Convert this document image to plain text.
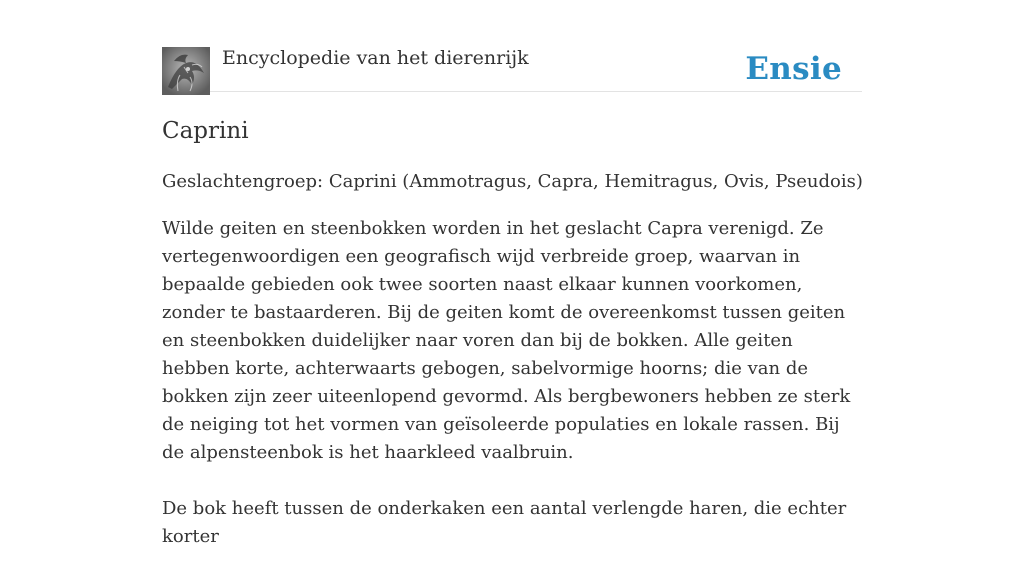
Encyclopedie van het dierenrijk	Ensie
Caprini

Geslachtengroep: Caprini (Ammotragus, Capra, Hemitragus, Ovis, Pseudois)

Wilde geiten en steenbokken worden in het geslacht Capra verenigd. Ze vertegenwoordigen een geografisch wijd verbreide groep, waarvan in bepaalde gebieden ook twee soorten naast elkaar kunnen voorkomen, zonder te bastaarderen. Bij de geiten komt de overeenkomst tussen geiten en steenbokken duidelijker naar voren dan bij de bokken. Alle geiten hebben korte, achterwaarts gebogen, sabelvormige hoorns; die van de bokken zijn zeer uiteenlopend gevormd. Als bergbewoners hebben ze sterk de neiging tot het vormen van geïsoleerde populaties en lokale rassen. Bij de alpensteenbok is het haarkleed vaalbruin.

De bok heeft tussen de onderkaken een aantal verlengde haren, die echter korter
